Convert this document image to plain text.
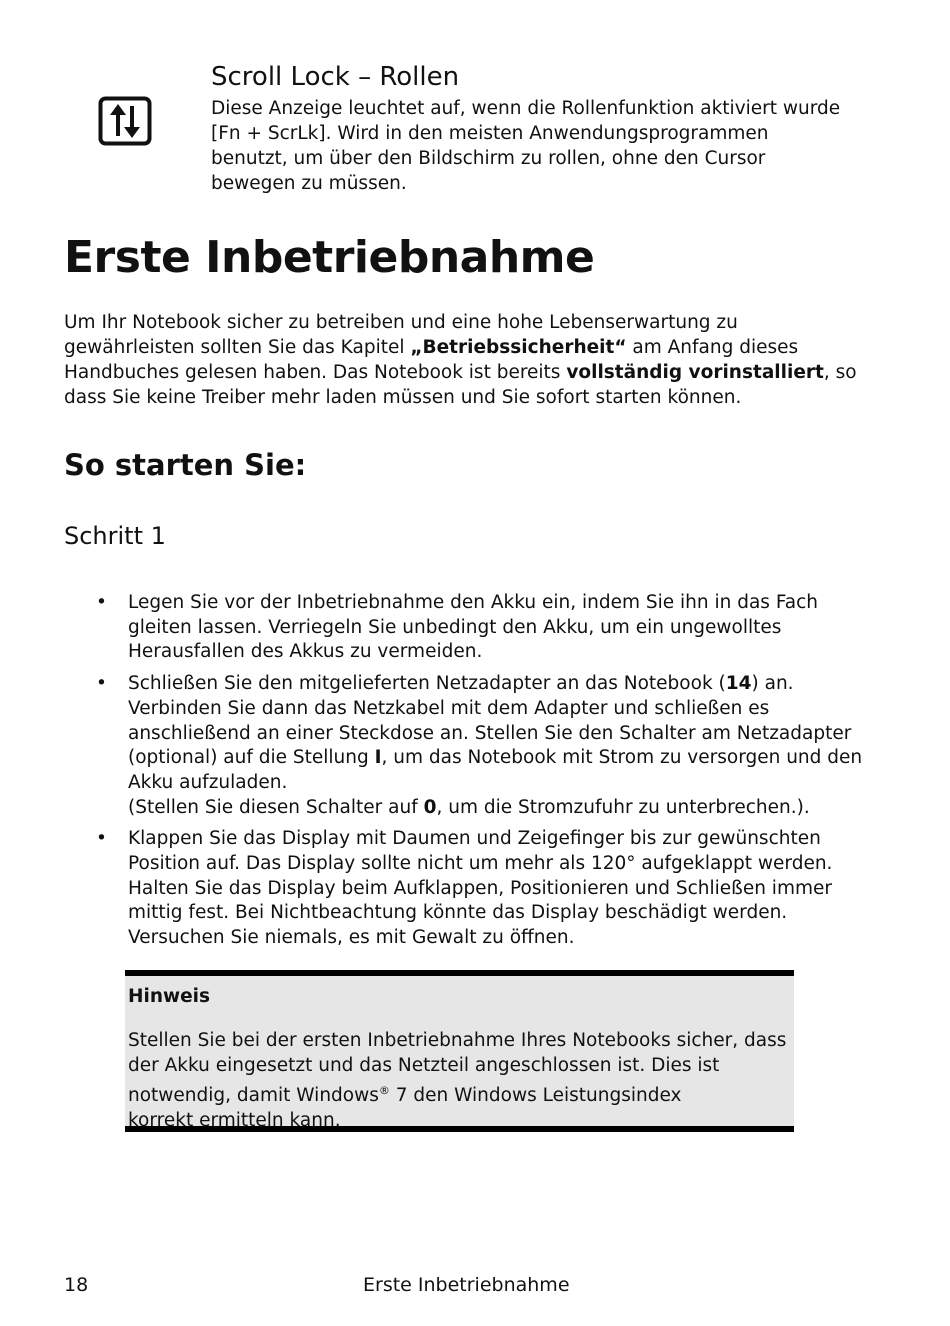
Scroll Lock – Rollen

Diese Anzeige leuchtet auf, wenn die Rollenfunktion aktiviert wurde
[Fn + ScrLk]. Wird in den meisten Anwendungsprogrammen
benutzt, um über den Bildschirm zu rollen, ohne den Cursor
bewegen zu müssen.

Erste Inbetriebnahme

Um Ihr Notebook sicher zu betreiben und eine hohe Lebenserwartung zu
gewährleisten sollten Sie das Kapitel „Betriebssicherheit“ am Anfang dieses
Handbuches gelesen haben. Das Notebook ist bereits vollständig vorinstalliert, so
dass Sie keine Treiber mehr laden müssen und Sie sofort starten können.

So starten Sie:
Schritt 1
• Legen Sie vor der Inbetriebnahme den Akku ein, indem Sie ihn in das Fach
gleiten lassen. Verriegeln Sie unbedingt den Akku, um ein ungewolltes
Herausfallen des Akkus zu vermeiden.
• Schließen Sie den mitgelieferten Netzadapter an das Notebook (14) an.
Verbinden Sie dann das Netzkabel mit dem Adapter und schließen es
anschließend an einer Steckdose an. Stellen Sie den Schalter am Netzadapter
(optional) auf die Stellung I, um das Notebook mit Strom zu versorgen und den
Akku aufzuladen.
(Stellen Sie diesen Schalter auf 0, um die Stromzufuhr zu unterbrechen.).
• Klappen Sie das Display mit Daumen und Zeigefinger bis zur gewünschten
Position auf. Das Display sollte nicht um mehr als 120° aufgeklappt werden.
Halten Sie das Display beim Aufklappen, Positionieren und Schließen immer
mittig fest. Bei Nichtbeachtung könnte das Display beschädigt werden.
Versuchen Sie niemals, es mit Gewalt zu öffnen.

Hinweis

Stellen Sie bei der ersten Inbetriebnahme Ihres Notebooks sicher, dass
der Akku eingesetzt und das Netzteil angeschlossen ist. Dies ist
notwendig, damit Windows® 7 den Windows Leistungsindex
korrekt ermitteln kann.

18	Erste Inbetriebnahme
